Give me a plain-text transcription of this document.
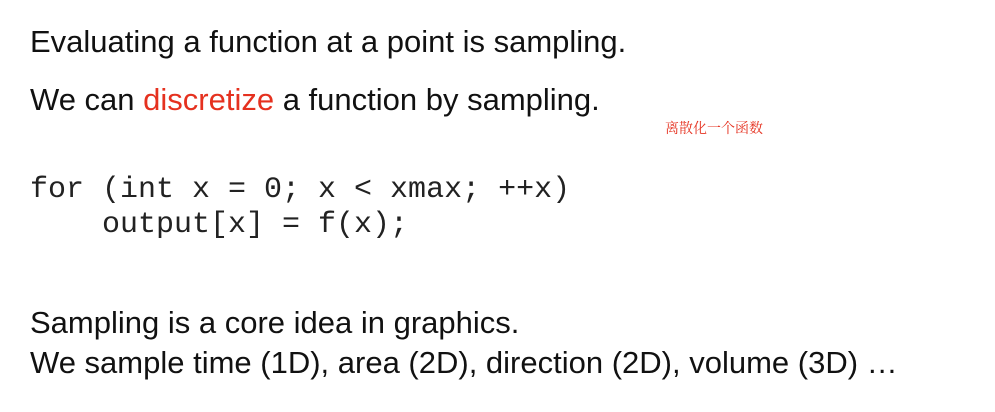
Evaluating a function at a point is sampling.
We can discretize a function by sampling.
离散化一个函数
for (int x = 0; x < xmax; ++x)
output[x] = f(x);
Sampling is a core idea in graphics.
We sample time (1D), area (2D), direction (2D), volume (3D) …
